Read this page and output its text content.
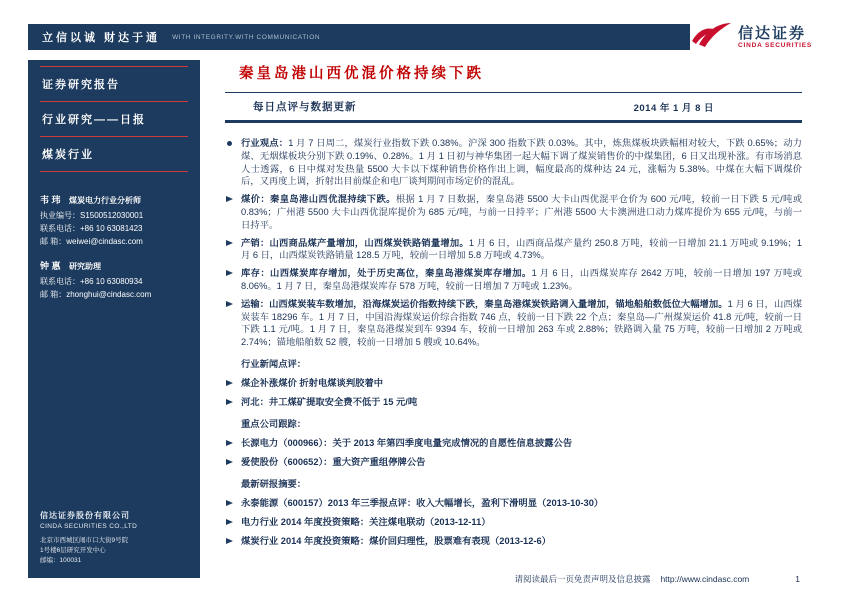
立信以诚 财达于通 WITH INTEGRITY.WITH COMMUNICATION	信达证券
CINDA SECURITIES
证券研究报告
行业研究——日报
煤炭行业
韦 玮 煤炭电力行业分析师
执业编号：S1500512030001
联系电话：+86 10 63081423
邮 箱：weiwei@cindasc.com
钟 惠 研究助理
联系电话：+86 10 63080934
邮 箱：zhonghui@cindasc.com
信达证券股份有限公司
CINDA SECURITIES CO.,LTD
北京市西城区闹市口大街9号院
1号楼6层研究开发中心
邮编：100031
秦皇岛港山西优混价格持续下跌
每日点评与数据更新	2014 年 1 月 8 日
行业观点：1 月 7 日周二，煤炭行业指数下跌 0.38%。沪深 300 指数下跌 0.03%。其中，炼焦煤板块跌幅相对较大，下跌 0.65%；动力煤、无烟煤板块分别下跌 0.19%、0.28%。1 月 1 日初与神华集团一起大幅下调了煤炭销售价的中煤集团，6 日又出现补涨。有市场消息人士透露，6 日中煤对发热量 5500 大卡以下煤种销售价格作出上调，幅度最高的煤种达 24 元，涨幅为 5.38%。中煤在大幅下调煤价后，又再度上调，折射出目前煤企和电厂谈判期间市场定价的混乱。
煤价：秦皇岛港山西优混持续下跌。根据 1 月 7 日数据，秦皇岛港 5500 大卡山西优混平仓价为 600 元/吨，较前一日下跌 5 元/吨或 0.83%；广州港 5500 大卡山西优混库提价为 685 元/吨，与前一日持平；广州港 5500 大卡澳洲进口动力煤库提价为 655 元/吨，与前一日持平。
产销：山西商品煤产量增加，山西煤炭铁路销量增加。1 月 6 日，山西商品煤产量约 250.8 万吨，较前一日增加 21.1 万吨或 9.19%；1 月 6 日，山西煤炭铁路销量 128.5 万吨，较前一日增加 5.8 万吨或 4.73%。
库存：山西煤炭库存增加，处于历史高位，秦皇岛港煤炭库存增加。1 月 6 日，山西煤炭库存 2642 万吨，较前一日增加 197 万吨或 8.06%。1 月 7 日，秦皇岛港煤炭库存 578 万吨，较前一日增加 7 万吨或 1.23%。
运输：山西煤炭装车数增加，沿海煤炭运价指数持续下跌，秦皇岛港煤炭铁路调入量增加，锚地船舶数低位大幅增加。1 月 6 日，山西煤炭装车 18296 车。1 月 7 日，中国沿海煤炭运价综合指数 746 点，较前一日下跌 22 个点；秦皇岛—广州煤炭运价 41.8 元/吨，较前一日下跌 1.1 元/吨。1 月 7 日，秦皇岛港煤炭到车 9394 车，较前一日增加 263 车或 2.88%；铁路调入量 75 万吨，较前一日增加 2 万吨或 2.74%；锚地船舶数 52 艘，较前一日增加 5 艘或 10.64%。
行业新闻点评：
煤企补涨煤价 折射电煤谈判胶着中
河北：井工煤矿提取安全费不低于 15 元/吨
重点公司跟踪：
长源电力（000966）：关于 2013 年第四季度电量完成情况的自愿性信息披露公告
爱使股份（600652）：重大资产重组停牌公告
最新研报摘要：
永泰能源（600157）2013 年三季报点评：收入大幅增长，盈利下滑明显（2013-10-30）
电力行业 2014 年度投资策略：关注煤电联动（2013-12-11）
煤炭行业 2014 年度投资策略：煤价回归理性，股票难有表现（2013-12-6）
请阅读最后一页免责声明及信息披露 http://www.cindasc.com	1
